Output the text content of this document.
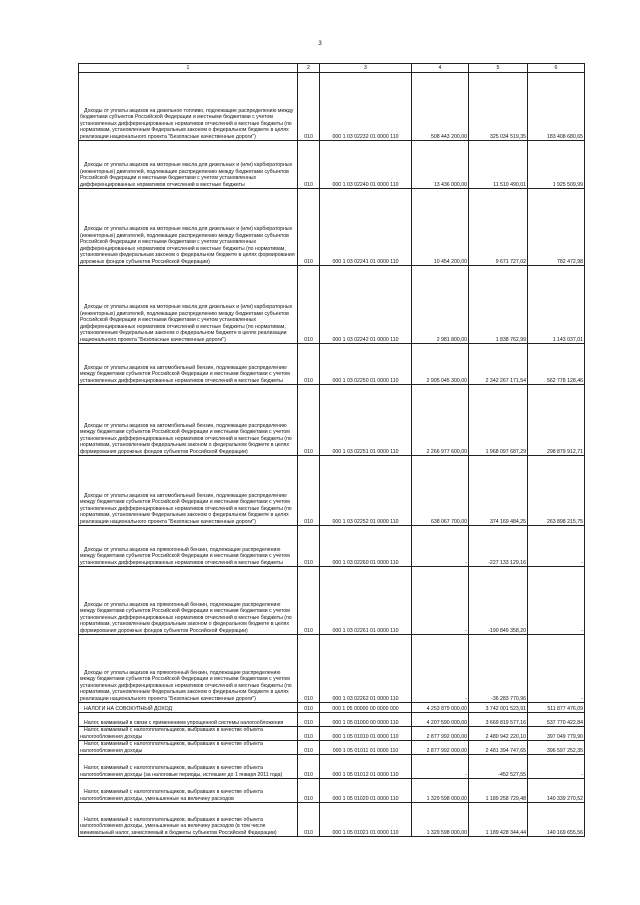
3
1	2	3	4	5	6
Доходы от уплаты акцизов на дизельное топливо, подлежащие распределению между бюджетами субъектов Российской Федерации и местными бюджетами с учетом установленных дифференцированных нормативов отчислений в местные бюджеты (по нормативам, установленным Федеральным законом о федеральном бюджете в целях реализации национального проекта "Безопасные качественные дороги")	010	000 1 03 02232 01 0000 110	508 443 200,00	325 034 519,35	183 408 680,65
Доходы от уплаты акцизов на моторные масла для дизельных и (или) карбюраторных (инжекторных) двигателей, подлежащие распределению между бюджетами субъектов Российской Федерации и местными бюджетами с учетом установленных дифференцированных нормативов отчислений в местные бюджеты	010	000 1 03 02240 01 0000 110	13 436 000,00	11 510 490,01	1 925 509,99
Доходы от уплаты акцизов на моторные масла для дизельных и (или) карбюраторных (инжекторных) двигателей, подлежащие распределению между бюджетами субъектов Российской Федерации и местными бюджетами с учетом установленных дифференцированных нормативов отчислений в местные бюджеты (по нормативам, установленным федеральным законом о федеральном бюджете в целях формирования дорожных фондов субъектов Российской Федерации)	010	000 1 03 02241 01 0000 110	10 454 200,00	9 671 727,02	782 472,98
Доходы от уплаты акцизов на моторные масла для дизельных и (или) карбюраторных (инжекторных) двигателей, подлежащие распределению между бюджетами субъектов Российской Федерации и местными бюджетами с учетом установленных дифференцированных нормативов отчислений в местные бюджеты (по нормативам, установленным Федеральным законом о федеральном бюджете в целях реализации национального проекта "Безопасные качественные дороги")	010	000 1 03 02242 01 0000 110	2 981 800,00	1 838 762,99	1 143 037,01
Доходы от уплаты акцизов на автомобильный бензин, подлежащие распределению между бюджетами субъектов Российской Федерации и местными бюджетами с учетом установленных дифференцированных нормативов отчислений в местные бюджеты	010	000 1 03 02250 01 0000 110	2 905 045 300,00	2 342 267 171,54	562 778 128,46
Доходы от уплаты акцизов на автомобильный бензин, подлежащие распределению между бюджетами субъектов Российской Федерации и местными бюджетами с учетом установленных дифференцированных нормативов отчислений в местные бюджеты (по нормативам, установленным федеральным законом о федеральном бюджете в целях формирования дорожных фондов субъектов Российской Федерации)	010	000 1 03 02251 01 0000 110	2 266 977 600,00	1 968 097 687,29	298 879 912,71
Доходы от уплаты акцизов на автомобильный бензин, подлежащие распределению между бюджетами субъектов Российской Федерации и местными бюджетами с учетом установленных дифференцированных нормативов отчислений в местные бюджеты (по нормативам, установленным Федеральным законом о федеральном бюджете в целях реализации национального проекта "Безопасные качественные дороги")	010	000 1 03 02252 01 0000 110	638 067 700,00	374 169 484,25	263 898 215,75
Доходы от уплаты акцизов на прямогонный бензин, подлежащие распределению между бюджетами субъектов Российской Федерации и местными бюджетами с учетом установленных дифференцированных нормативов отчислений в местные бюджеты	010	000 1 03 02260 01 0000 110	-	-227 133 129,16	-
Доходы от уплаты акцизов на прямогонный бензин, подлежащие распределению между бюджетами субъектов Российской Федерации и местными бюджетами с учетом установленных дифференцированных нормативов отчислений в местные бюджеты (по нормативам, установленным федеральным законом о федеральном бюджете в целях формирования дорожных фондов субъектов Российской Федерации)	010	000 1 03 02261 01 0000 110	-	-190 849 358,20	-
Доходы от уплаты акцизов на прямогонный бензин, подлежащие распределению между бюджетами субъектов Российской Федерации и местными бюджетами с учетом установленных дифференцированных нормативов отчислений в местные бюджеты (по нормативам, установленным Федеральным законом о федеральном бюджете в целях реализации национального проекта "Безопасные качественные дороги")	010	000 1 03 02262 01 0000 110	-	-36 283 770,96	-
НАЛОГИ НА СОВОКУПНЫЙ ДОХОД	010	000 1 05 00000 00 0000 000	4 253 879 000,00	3 742 001 523,91	511 877 476,09
Налог, взимаемый в связи с применением упрощенной системы налогообложения	010	000 1 05 01000 00 0000 110	4 207 590 000,00	3 669 819 577,16	537 770 422,84
Налог, взимаемый с налогоплательщиков, выбравших в качестве объекта налогообложения доходы	010	000 1 05 01010 01 0000 110	2 877 992 000,00	2 480 942 220,10	397 049 779,90
Налог, взимаемый с налогоплательщиков, выбравших в качестве объекта налогообложения доходы	010	000 1 05 01011 01 0000 110	2 877 992 000,00	2 481 394 747,65	396 597 252,35
Налог, взимаемый с налогоплательщиков, выбравших в качестве объекта налогообложения доходы (за налоговые периоды, истекшие до 1 января 2011 года)	010	000 1 05 01012 01 0000 110	-	-452 527,55	-
Налог, взимаемый с налогоплательщиков, выбравших в качестве объекта налогообложения доходы, уменьшенные на величину расходов	010	000 1 05 01020 01 0000 110	1 329 598 000,00	1 189 258 729,48	140 339 270,52
Налог, взимаемый с налогоплательщиков, выбравших в качестве объекта налогообложения доходы, уменьшенные на величину расходов (в том числе минимальный налог, зачисляемый в бюджеты субъектов Российской Федерации)	010	000 1 05 01021 01 0000 110	1 329 598 000,00	1 189 428 344,44	140 169 655,56
